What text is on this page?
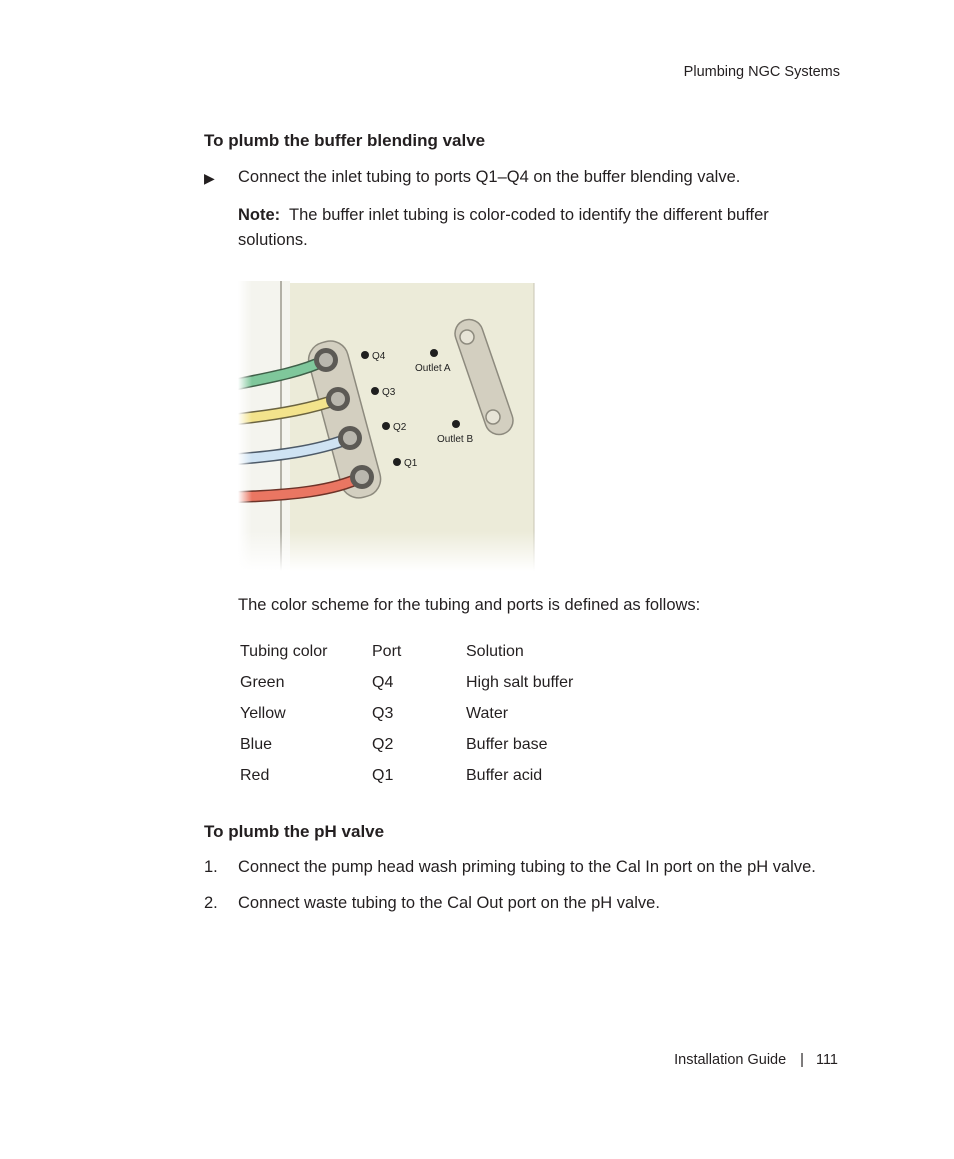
Plumbing NGC Systems
To plumb the buffer blending valve
▶ Connect the inlet tubing to ports Q1–Q4 on the buffer blending valve.
Note: The buffer inlet tubing is color-coded to identify the different buffer solutions.
Q4
Q3
Q2
Q1
Outlet A
Outlet B
The color scheme for the tubing and ports is defined as follows:
Tubing color	Port	Solution
Green	Q4	High salt buffer
Yellow	Q3	Water
Blue	Q2	Buffer base
Red	Q1	Buffer acid
To plumb the pH valve
1. Connect the pump head wash priming tubing to the Cal In port on the pH valve.
2. Connect waste tubing to the Cal Out port on the pH valve.
Installation Guide | 111
